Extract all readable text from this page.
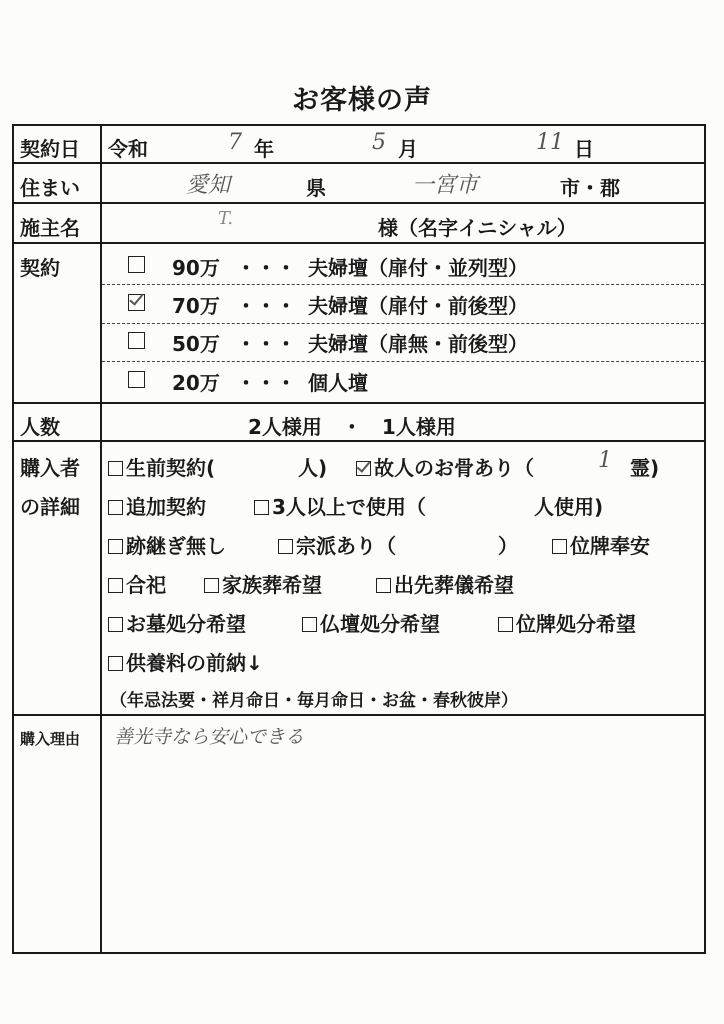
お客様の声
契約日 令和	7 年	5 月	11 日
住まい	愛知	県	一宮市	市・郡
施主名	T.	様（名字イニシャル）
契約	90万 ・・・ 夫婦壇（扉付・並列型）
70万 ・・・ 夫婦壇（扉付・前後型）
50万 ・・・ 夫婦壇（扉無・前後型）
20万 ・・・ 個人壇
人数	2人様用　・　1人様用
購入者
の詳細
生前契約(	人)	故人のお骨あり（	1 霊)
追加契約	3人以上で使用（	人使用)
跡継ぎ無し	宗派あり（	）	位牌奉安
合祀	家族葬希望	出先葬儀希望
お墓処分希望	仏壇処分希望	位牌処分希望
供養料の前納↓
（年忌法要・祥月命日・毎月命日・お盆・春秋彼岸）
購入理由 善光寺なら安心できる
